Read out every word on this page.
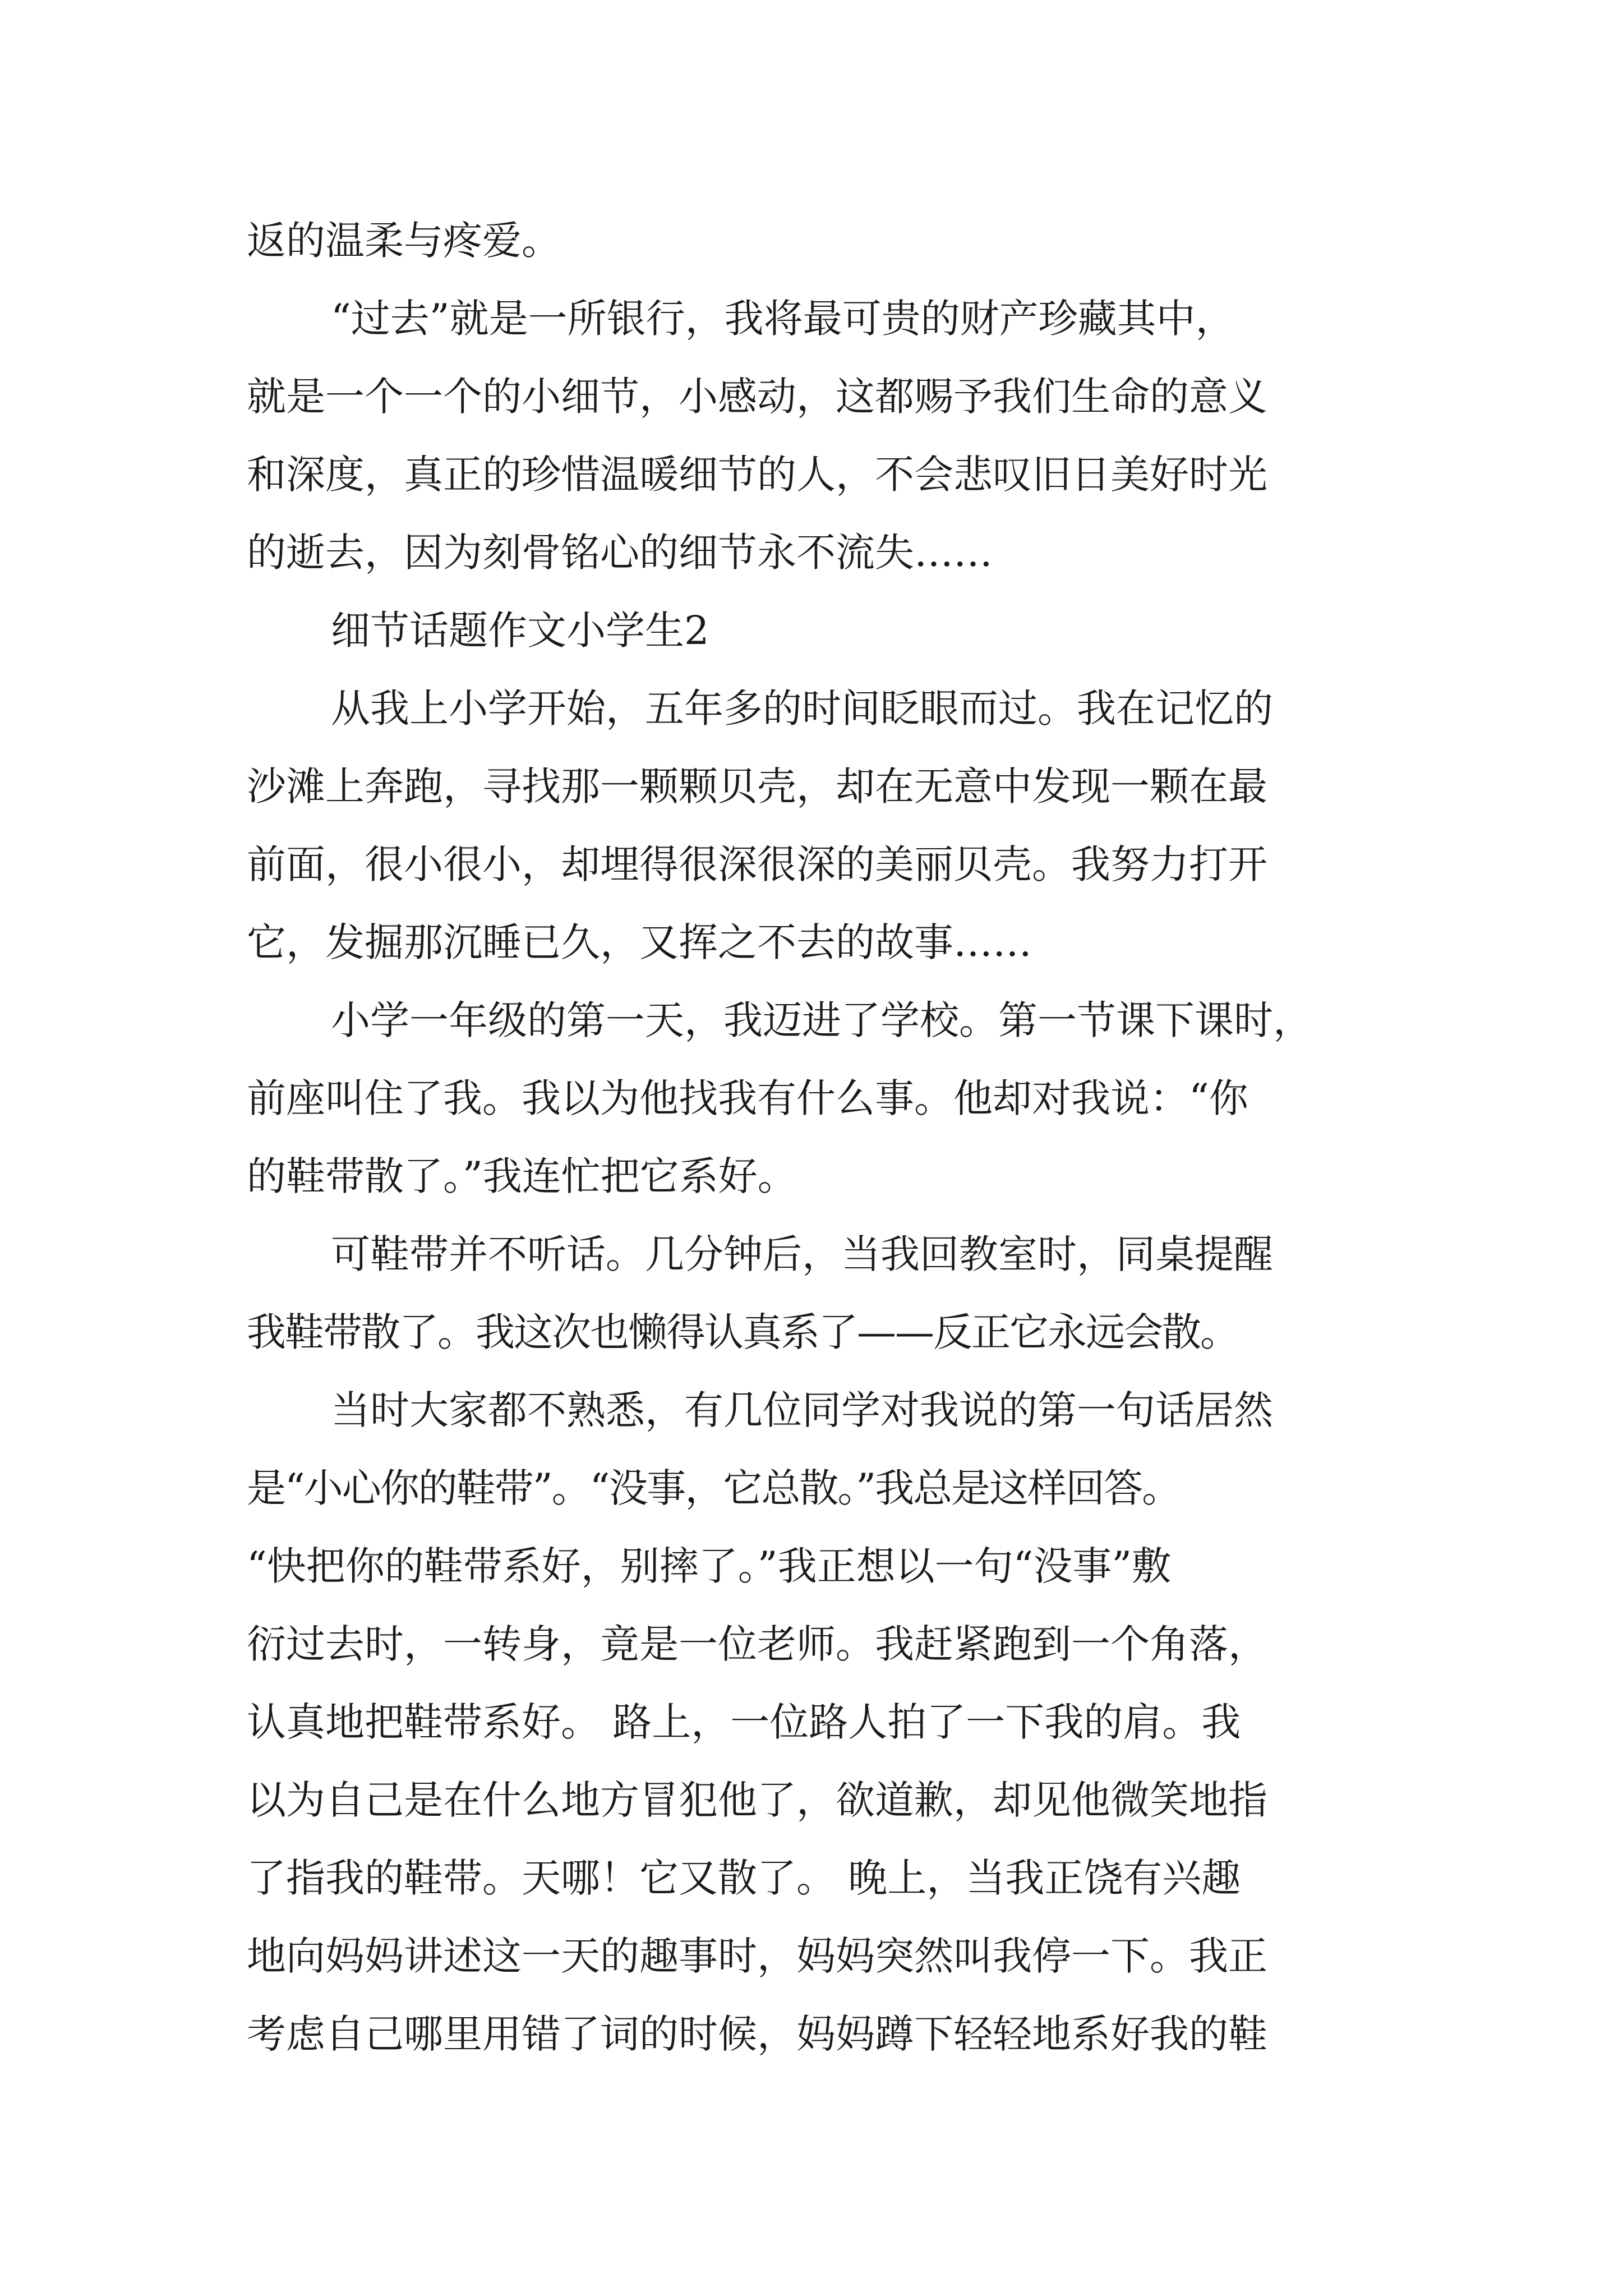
返的温柔与疼爱。
“过去”就是一所银行，我将最可贵的财产珍藏其中，
就是一个一个的小细节，小感动，这都赐予我们生命的意义
和深度，真正的珍惜温暖细节的人，不会悲叹旧日美好时光
的逝去，因为刻骨铭心的细节永不流失……
细节话题作文小学生2
从我上小学开始，五年多的时间眨眼而过。我在记忆的
沙滩上奔跑，寻找那一颗颗贝壳，却在无意中发现一颗在最
前面，很小很小，却埋得很深很深的美丽贝壳。我努力打开
它，发掘那沉睡已久，又挥之不去的故事……
小学一年级的第一天，我迈进了学校。第一节课下课时，
前座叫住了我。我以为他找我有什么事。他却对我说：“你
的鞋带散了。”我连忙把它系好。
可鞋带并不听话。几分钟后，当我回教室时，同桌提醒
我鞋带散了。我这次也懒得认真系了——反正它永远会散。
当时大家都不熟悉，有几位同学对我说的第一句话居然
是“小心你的鞋带”。“没事，它总散。”我总是这样回答。
“快把你的鞋带系好，别摔了。”我正想以一句“没事”敷
衍过去时，一转身，竟是一位老师。我赶紧跑到一个角落，
认真地把鞋带系好。 路上，一位路人拍了一下我的肩。我
以为自己是在什么地方冒犯他了，欲道歉，却见他微笑地指
了指我的鞋带。天哪！它又散了。 晚上，当我正饶有兴趣
地向妈妈讲述这一天的趣事时，妈妈突然叫我停一下。我正
考虑自己哪里用错了词的时候，妈妈蹲下轻轻地系好我的鞋
